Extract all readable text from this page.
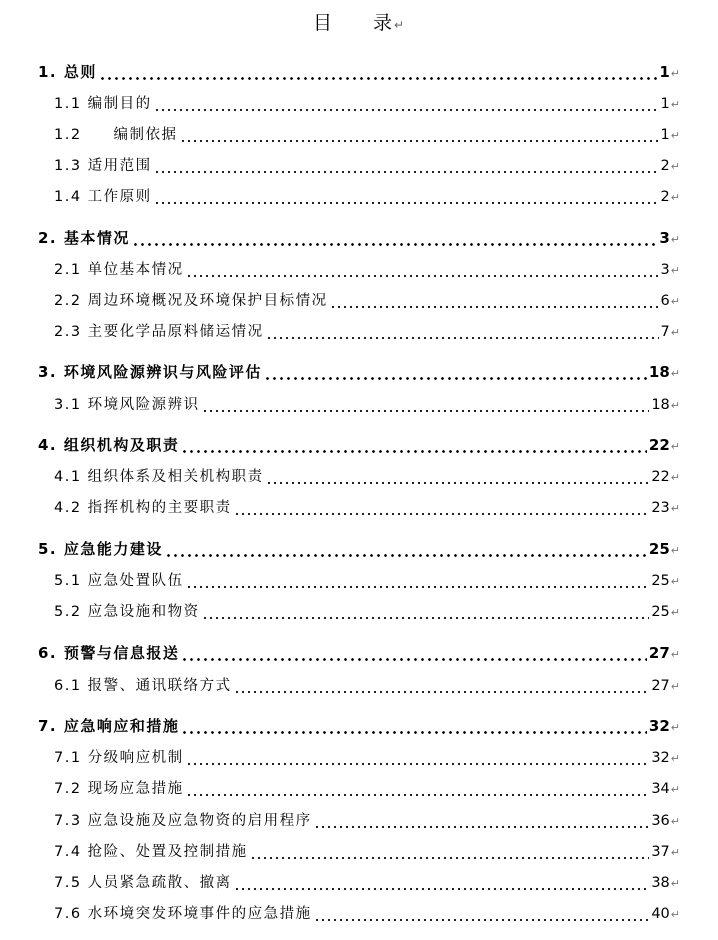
目　　录↵
1. 总则	1 ↵
1.1 编制目的	1 ↵
1.2　　编制依据	1 ↵
1.3 适用范围	2 ↵
1.4 工作原则	2 ↵
2. 基本情况	3 ↵
2.1 单位基本情况	3 ↵
2.2 周边环境概况及环境保护目标情况	6 ↵
2.3 主要化学品原料储运情况	7 ↵
3. 环境风险源辨识与风险评估	18 ↵
3.1 环境风险源辨识	18 ↵
4. 组织机构及职责	22 ↵
4.1 组织体系及相关机构职责	22 ↵
4.2 指挥机构的主要职责	23 ↵
5. 应急能力建设	25 ↵
5.1 应急处置队伍	25 ↵
5.2 应急设施和物资	25 ↵
6. 预警与信息报送	27 ↵
6.1 报警、通讯联络方式	27 ↵
7. 应急响应和措施	32 ↵
7.1 分级响应机制	32 ↵
7.2 现场应急措施	34 ↵
7.3 应急设施及应急物资的启用程序	36 ↵
7.4 抢险、处置及控制措施	37 ↵
7.5 人员紧急疏散、撤离	38 ↵
7.6 水环境突发环境事件的应急措施	40 ↵
